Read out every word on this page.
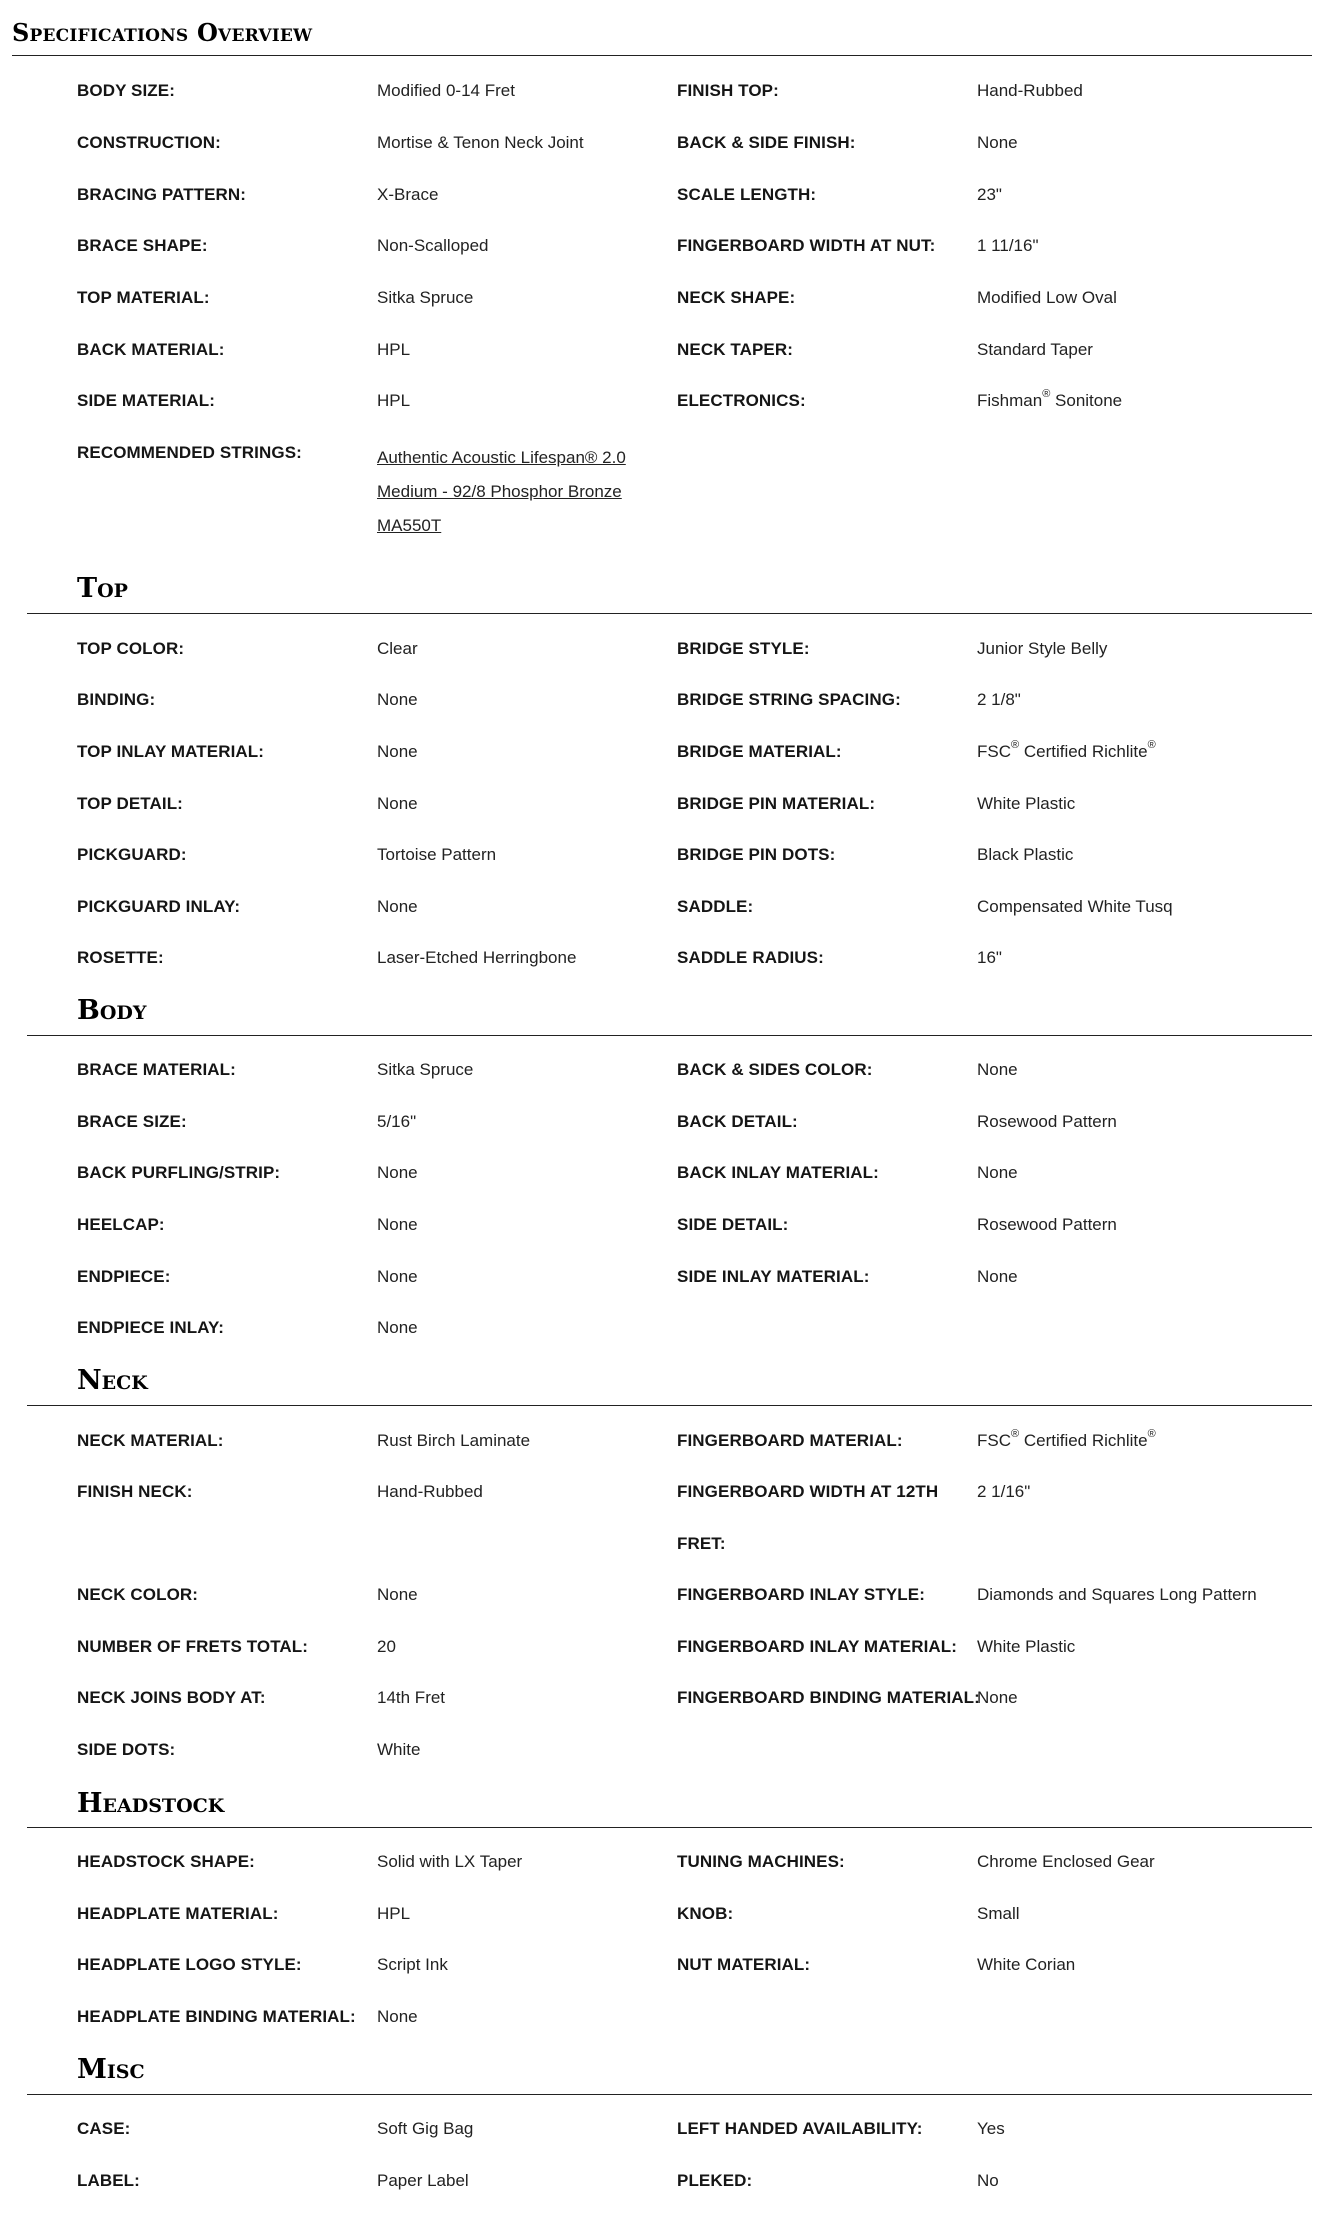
Specifications Overview
BODY SIZE:	Modified 0-14 Fret	FINISH TOP:	Hand-Rubbed
CONSTRUCTION:	Mortise & Tenon Neck Joint	BACK & SIDE FINISH:	None
BRACING PATTERN:	X-Brace	SCALE LENGTH:	23"
BRACE SHAPE:	Non-Scalloped	FINGERBOARD WIDTH AT NUT: 1 11/16"
TOP MATERIAL:	Sitka Spruce	NECK SHAPE:	Modified Low Oval
BACK MATERIAL:	HPL	NECK TAPER:	Standard Taper
SIDE MATERIAL:	HPL	ELECTRONICS:	Fishman® Sonitone
RECOMMENDED STRINGS:	Authentic Acoustic Lifespan® 2.0
Medium - 92/8 Phosphor Bronze
MA550T
Top
TOP COLOR:	Clear	BRIDGE STYLE:	Junior Style Belly
BINDING:	None	BRIDGE STRING SPACING:	2 1/8"
TOP INLAY MATERIAL:	None	BRIDGE MATERIAL:	FSC® Certified Richlite®
TOP DETAIL:	None	BRIDGE PIN MATERIAL:	White Plastic
PICKGUARD:	Tortoise Pattern	BRIDGE PIN DOTS:	Black Plastic
PICKGUARD INLAY:	None	SADDLE:	Compensated White Tusq
ROSETTE:	Laser-Etched Herringbone	SADDLE RADIUS:	16"
Body
BRACE MATERIAL:	Sitka Spruce	BACK & SIDES COLOR:	None
BRACE SIZE:	5/16"	BACK DETAIL:	Rosewood Pattern
BACK PURFLING/STRIP:	None	BACK INLAY MATERIAL:	None
HEELCAP:	None	SIDE DETAIL:	Rosewood Pattern
ENDPIECE:	None	SIDE INLAY MATERIAL:	None
ENDPIECE INLAY:	None
Neck
NECK MATERIAL:	Rust Birch Laminate	FINGERBOARD MATERIAL:	FSC® Certified Richlite®
FINISH NECK:	Hand-Rubbed	FINGERBOARD WIDTH AT 12TH FRET:
2 1/16"
NECK COLOR:	None	FINGERBOARD INLAY STYLE:	Diamonds and Squares Long Pattern
NUMBER OF FRETS TOTAL:	20	FINGERBOARD INLAY MATERIAL: White Plastic
NECK JOINS BODY AT:	14th Fret	FINGERBOARD BINDING MATERIAL:
None
SIDE DOTS:	White
Headstock
HEADSTOCK SHAPE:	Solid with LX Taper	TUNING MACHINES:	Chrome Enclosed Gear
HEADPLATE MATERIAL:	HPL	KNOB:	Small
HEADPLATE LOGO STYLE:	Script Ink	NUT MATERIAL:	White Corian
HEADPLATE BINDING MATERIAL: None
Misc
CASE:	Soft Gig Bag	LEFT HANDED AVAILABILITY:	Yes
LABEL:	Paper Label	PLEKED:	No
